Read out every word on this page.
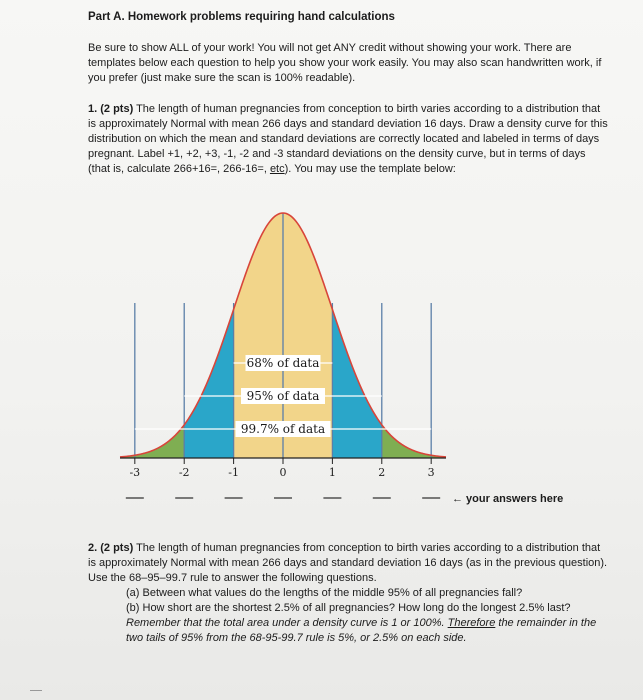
Part A. Homework problems requiring hand calculations

Be sure to show ALL of your work! You will not get ANY credit without showing your work. There are templates below each question to help you show your work easily. You may also scan handwritten work, if you prefer (just make sure the scan is 100% readable).

1. (2 pts) The length of human pregnancies from conception to birth varies according to a distribution that is approximately Normal with mean 266 days and standard deviation 16 days. Draw a density curve for this distribution on which the mean and standard deviations are correctly located and labeled in terms of days pregnant. Label +1, +2, +3, -1, -2 and -3 standard deviations on the density curve, but in terms of days (that is, calculate 266+16=, 266-16=, etc). You may use the template below:

68% of data
95% of data
99.7% of data
-3	-2	-1	0	1	2	3
← your answers here

2. (2 pts) The length of human pregnancies from conception to birth varies according to a distribution that is approximately Normal with mean 266 days and standard deviation 16 days (as in the previous question). Use the 68–95–99.7 rule to answer the following questions.
(a) Between what values do the lengths of the middle 95% of all pregnancies fall?
(b) How short are the shortest 2.5% of all pregnancies? How long do the longest 2.5% last? Remember that the total area under a density curve is 1 or 100%. Therefore the remainder in the two tails of 95% from the 68-95-99.7 rule is 5%, or 2.5% on each side.
